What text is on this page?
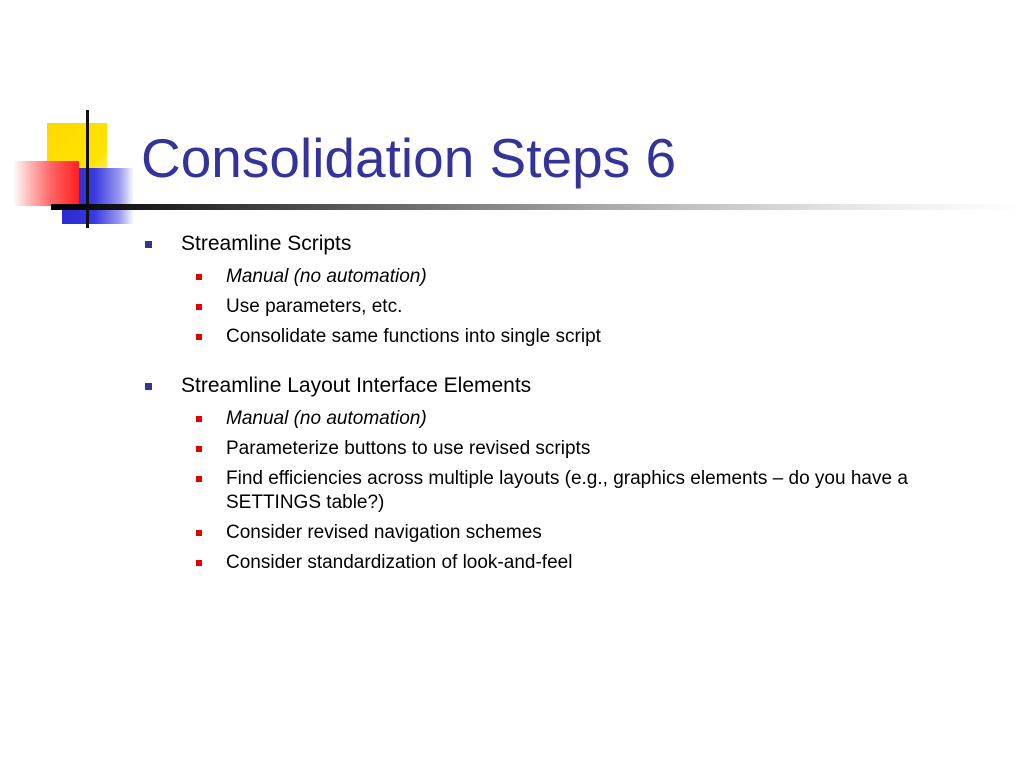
Consolidation Steps 6
Streamline Scripts
Manual (no automation)
Use parameters, etc.
Consolidate same functions into single script
Streamline Layout Interface Elements
Manual (no automation)
Parameterize buttons to use revised scripts
Find efficiencies across multiple layouts (e.g., graphics elements – do you have a SETTINGS table?)
Consider revised navigation schemes
Consider standardization of look-and-feel
